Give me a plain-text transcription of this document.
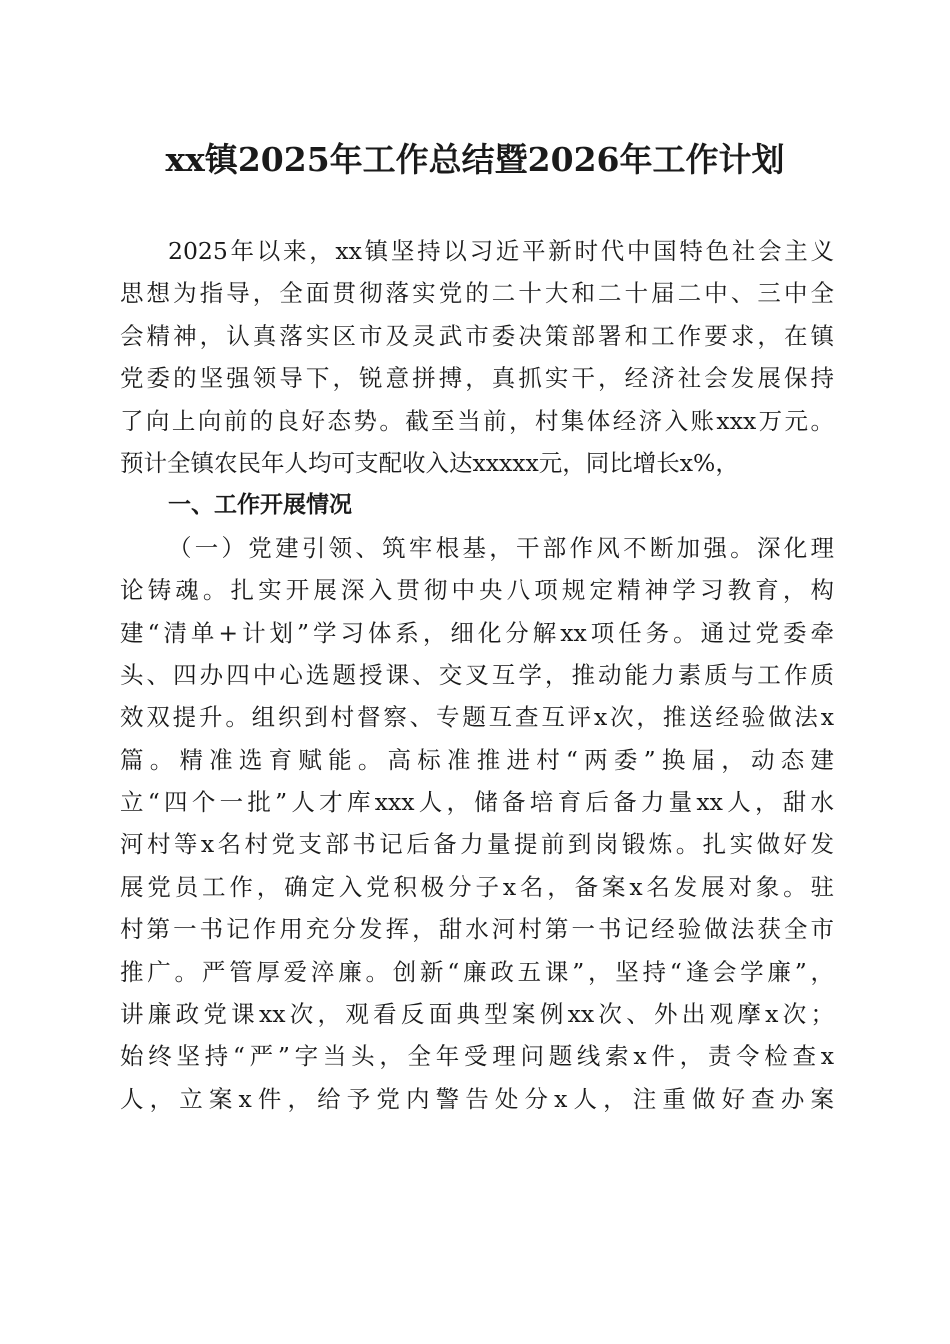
xx镇2025年工作总结暨2026年工作计划

2025年以来，xx镇坚持以习近平新时代中国特色社会主义

思想为指导，全面贯彻落实党的二十大和二十届二中、三中全

会精神，认真落实区市及灵武市委决策部署和工作要求，在镇

党委的坚强领导下，锐意拼搏，真抓实干，经济社会发展保持

了向上向前的良好态势。截至当前，村集体经济入账xxx万元。

预计全镇农民年人均可支配收入达xxxxx元，同比增长x%，

一、工作开展情况

（一）党建引领、筑牢根基，干部作风不断加强。深化理

论铸魂。扎实开展深入贯彻中央八项规定精神学习教育，构

建“清单+计划”学习体系，细化分解xx项任务。通过党委牵

头、四办四中心选题授课、交叉互学，推动能力素质与工作质

效双提升。组织到村督察、专题互查互评x次，推送经验做法x

篇。精准选育赋能。高标准推进村“两委”换届，动态建

立“四个一批”人才库xxx人，储备培育后备力量xx人，甜水

河村等x名村党支部书记后备力量提前到岗锻炼。扎实做好发

展党员工作，确定入党积极分子x名，备案x名发展对象。驻

村第一书记作用充分发挥，甜水河村第一书记经验做法获全市

推广。严管厚爱淬廉。创新“廉政五课”，坚持“逢会学廉”，

讲廉政党课xx次，观看反面典型案例xx次、外出观摩x次；

始终坚持“严”字当头，全年受理问题线索x件，责令检查x

人，立案x件，给予党内警告处分x人，注重做好查办案
